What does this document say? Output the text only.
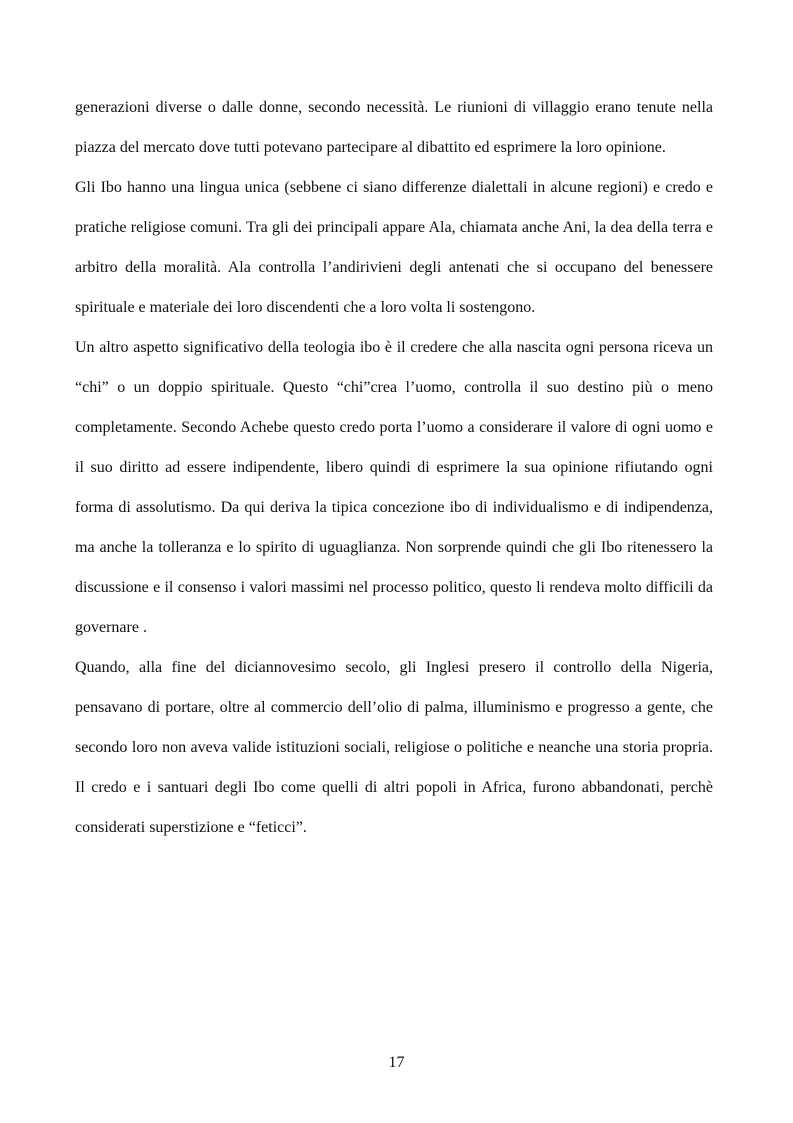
generazioni diverse o dalle donne, secondo necessità. Le riunioni di villaggio erano tenute nella piazza del mercato dove tutti potevano partecipare al dibattito ed esprimere la loro opinione.

Gli Ibo hanno una lingua unica (sebbene ci siano differenze dialettali in alcune regioni) e credo e pratiche religiose comuni. Tra gli dei principali appare Ala, chiamata anche Ani, la dea della terra e arbitro della moralità. Ala controlla l’andirivieni degli antenati che si occupano del benessere spirituale e materiale dei loro discendenti che a loro volta li sostengono.

Un altro aspetto significativo della teologia ibo è il credere che alla nascita ogni persona riceva un “chi” o un doppio spirituale. Questo “chi”crea l’uomo, controlla il suo destino più o meno completamente. Secondo Achebe questo credo porta l’uomo a considerare il valore di ogni uomo e il suo diritto ad essere indipendente, libero quindi di esprimere la sua opinione rifiutando ogni forma di assolutismo. Da qui deriva la tipica concezione ibo di individualismo e di indipendenza, ma anche la tolleranza e lo spirito di uguaglianza. Non sorprende quindi che gli Ibo ritenessero la discussione e il consenso i valori massimi nel processo politico, questo li rendeva molto difficili da governare .

Quando, alla fine del diciannovesimo secolo, gli Inglesi presero il controllo della Nigeria, pensavano di portare, oltre al commercio dell’olio di palma, illuminismo e progresso a gente, che secondo loro non aveva valide istituzioni sociali, religiose o politiche e neanche una storia propria. Il credo e i santuari degli Ibo come quelli di altri popoli in Africa, furono abbandonati, perchè considerati superstizione e “feticci”.

17
